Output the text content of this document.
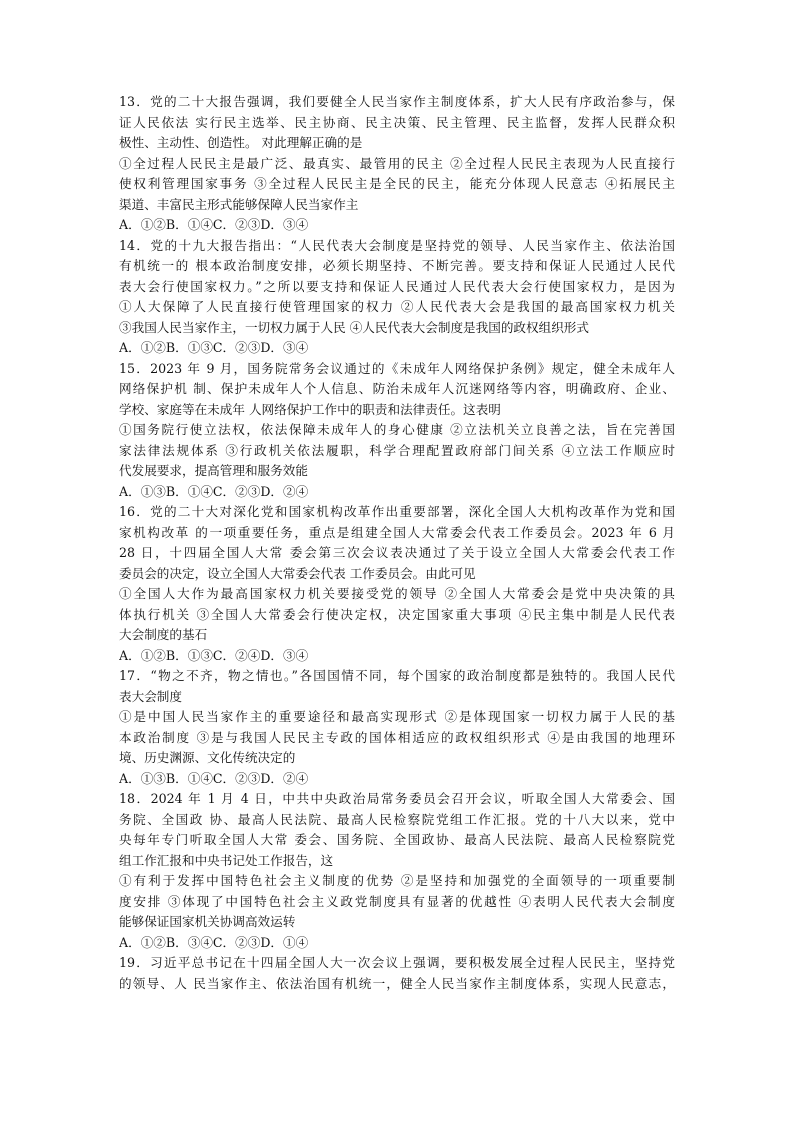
13．党的二十大报告强调，我们要健全人民当家作主制度体系，扩大人民有序政治参与，保
证人民依法 实行民主选举、民主协商、民主决策、民主管理、民主监督，发挥人民群众积
极性、主动性、创造性。 对此理解正确的是
①全过程人民民主是最广泛、最真实、最管用的民主 ②全过程人民民主表现为人民直接行
使权利管理国家事务 ③全过程人民民主是全民的民主，能充分体现人民意志 ④拓展民主
渠道、丰富民主形式能够保障人民当家作主
A．①②B．①④C．②③D．③④
14．党的十九大报告指出：“人民代表大会制度是坚持党的领导、人民当家作主、依法治国
有机统一的 根本政治制度安排，必须长期坚持、不断完善。要支持和保证人民通过人民代
表大会行使国家权力。”之所以要支持和保证人民通过人民代表大会行使国家权力，是因为
①人大保障了人民直接行使管理国家的权力 ②人民代表大会是我国的最高国家权力机关
③我国人民当家作主，一切权力属于人民 ④人民代表大会制度是我国的政权组织形式
A．①②B．①③C．②③D．③④
15．2023 年 9 月，国务院常务会议通过的《未成年人网络保护条例》规定，健全未成年人
网络保护机 制、保护未成年人个人信息、防治未成年人沉迷网络等内容，明确政府、企业、
学校、家庭等在未成年 人网络保护工作中的职责和法律责任。这表明
①国务院行使立法权，依法保障未成年人的身心健康 ②立法机关立良善之法，旨在完善国
家法律法规体系 ③行政机关依法履职，科学合理配置政府部门间关系 ④立法工作顺应时
代发展要求，提高管理和服务效能
A．①③B．①④C．②③D．②④
16．党的二十大对深化党和国家机构改革作出重要部署，深化全国人大机构改革作为党和国
家机构改革 的一项重要任务，重点是组建全国人大常委会代表工作委员会。2023 年 6 月
28 日，十四届全国人大常 委会第三次会议表决通过了关于设立全国人大常委会代表工作
委员会的决定，设立全国人大常委会代表 工作委员会。由此可见
①全国人大作为最高国家权力机关要接受党的领导 ②全国人大常委会是党中央决策的具
体执行机关 ③全国人大常委会行使决定权，决定国家重大事项 ④民主集中制是人民代表
大会制度的基石
A．①②B．①③C．②④D．③④
17．“物之不齐，物之情也。”各国国情不同，每个国家的政治制度都是独特的。我国人民代
表大会制度
①是中国人民当家作主的重要途径和最高实现形式 ②是体现国家一切权力属于人民的基
本政治制度 ③是与我国人民民主专政的国体相适应的政权组织形式 ④是由我国的地理环
境、历史渊源、文化传统决定的
A．①③B．①④C．②③D．②④
18．2024 年 1 月 4 日，中共中央政治局常务委员会召开会议，听取全国人大常委会、国
务院、全国政 协、最高人民法院、最高人民检察院党组工作汇报。党的十八大以来，党中
央每年专门听取全国人大常 委会、国务院、全国政协、最高人民法院、最高人民检察院党
组工作汇报和中央书记处工作报告，这
①有利于发挥中国特色社会主义制度的优势 ②是坚持和加强党的全面领导的一项重要制
度安排 ③体现了中国特色社会主义政党制度具有显著的优越性 ④表明人民代表大会制度
能够保证国家机关协调高效运转
A．①②B．③④C．②③D．①④
19．习近平总书记在十四届全国人大一次会议上强调，要积极发展全过程人民民主，坚持党
的领导、人 民当家作主、依法治国有机统一，健全人民当家作主制度体系，实现人民意志，
